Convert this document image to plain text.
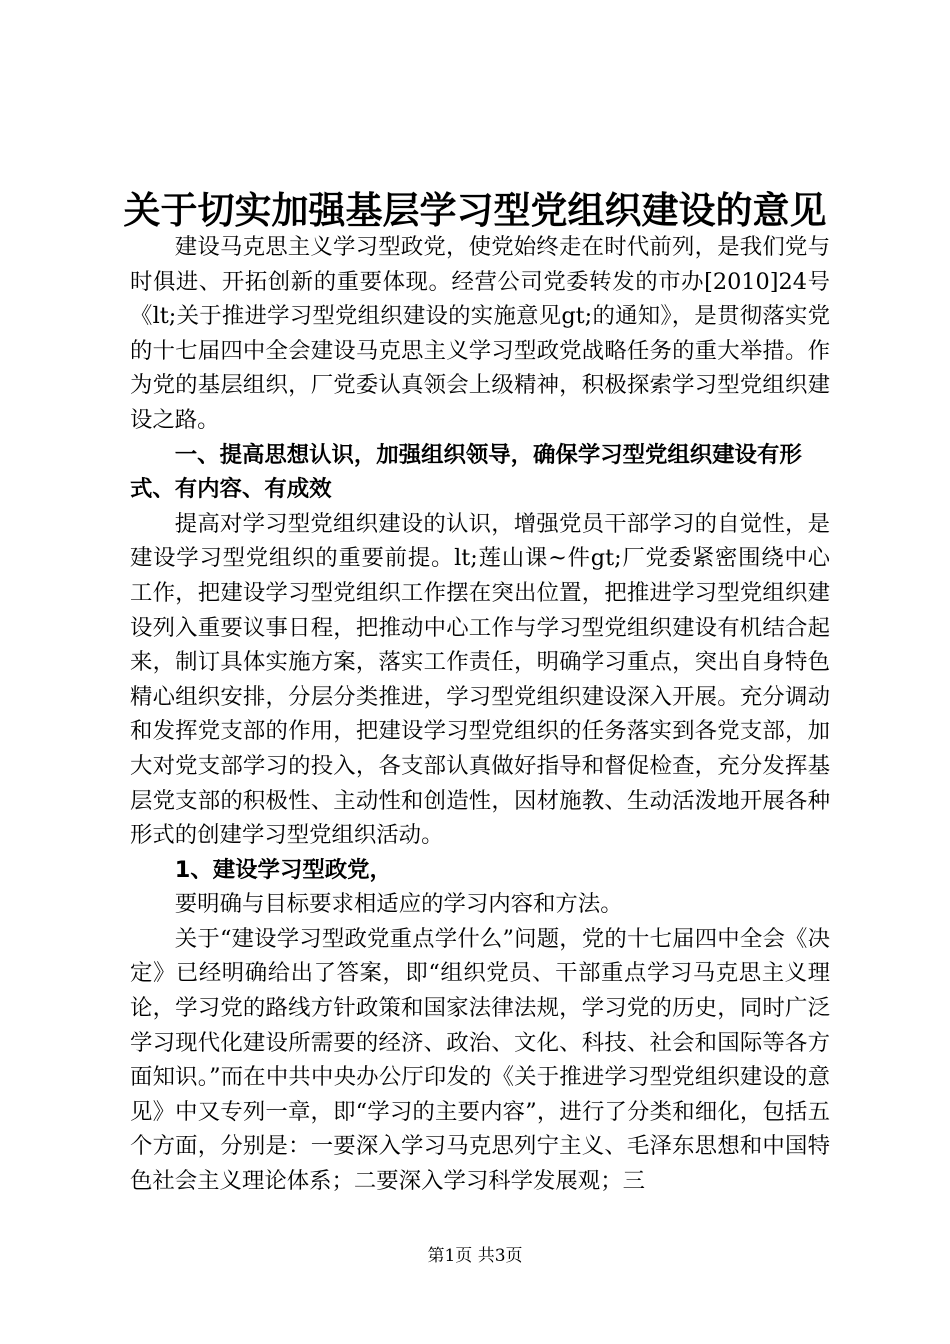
关于切实加强基层学习型党组织建设的意见

建设马克思主义学习型政党，使党始终走在时代前列，是我们党与时俱进、开拓创新的重要体现。经营公司党委转发的市办[2010]24号《lt;关于推进学习型党组织建设的实施意见gt;的通知》，是贯彻落实党的十七届四中全会建设马克思主义学习型政党战略任务的重大举措。作为党的基层组织，厂党委认真领会上级精神，积极探索学习型党组织建设之路。

一、提高思想认识，加强组织领导，确保学习型党组织建设有形式、有内容、有成效

提高对学习型党组织建设的认识，增强党员干部学习的自觉性，是建设学习型党组织的重要前提。lt;莲山课~件gt;厂党委紧密围绕中心工作，把建设学习型党组织工作摆在突出位置，把推进学习型党组织建设列入重要议事日程，把推动中心工作与学习型党组织建设有机结合起来，制订具体实施方案，落实工作责任，明确学习重点，突出自身特色精心组织安排，分层分类推进，学习型党组织建设深入开展。充分调动和发挥党支部的作用，把建设学习型党组织的任务落实到各党支部，加大对党支部学习的投入，各支部认真做好指导和督促检查，充分发挥基层党支部的积极性、主动性和创造性，因材施教、生动活泼地开展各种形式的创建学习型党组织活动。

1、建设学习型政党，

要明确与目标要求相适应的学习内容和方法。

关于“建设学习型政党重点学什么”问题，党的十七届四中全会《决定》已经明确给出了答案，即“组织党员、干部重点学习马克思主义理论，学习党的路线方针政策和国家法律法规，学习党的历史，同时广泛学习现代化建设所需要的经济、政治、文化、科技、社会和国际等各方面知识。”而在中共中央办公厅印发的《关于推进学习型党组织建设的意见》中又专列一章，即“学习的主要内容”，进行了分类和细化，包括五个方面，分别是：一要深入学习马克思列宁主义、毛泽东思想和中国特色社会主义理论体系；二要深入学习科学发展观；三

第1页 共3页
